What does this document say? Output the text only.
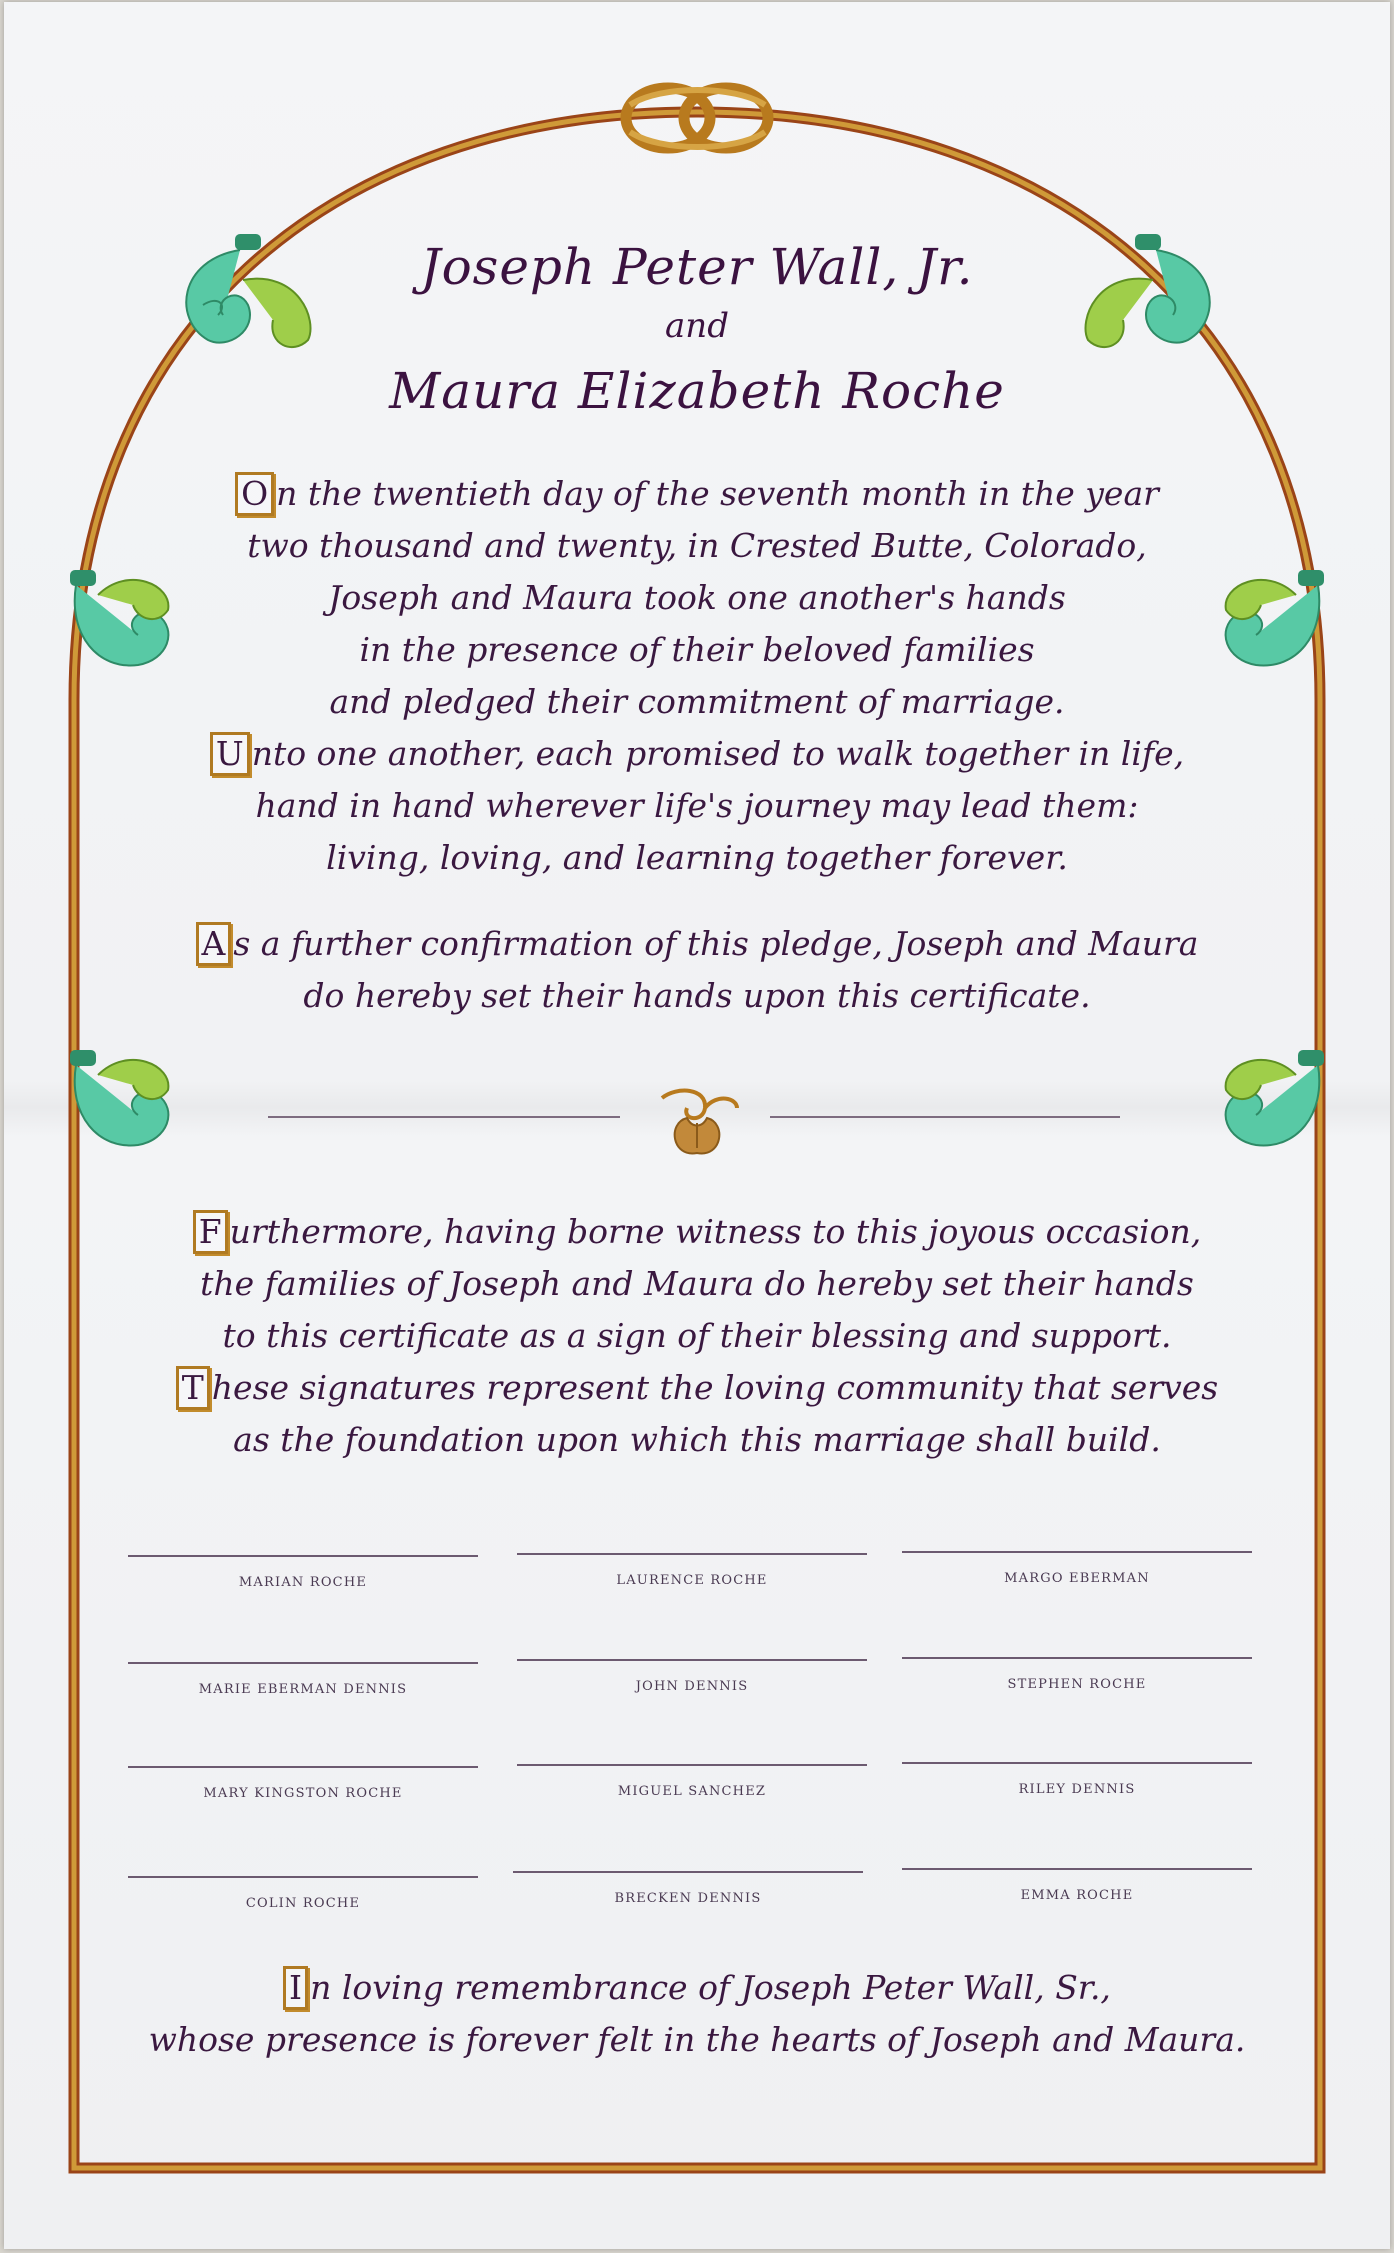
Joseph Peter Wall, Jr.
and
Maura Elizabeth Roche
O n the twentieth day of the seventh month in the year
two thousand and twenty, in Crested Butte, Colorado,
Joseph and Maura took one another's hands
in the presence of their beloved families
and pledged their commitment of marriage.
U nto one another, each promised to walk together in life,
hand in hand wherever life's journey may lead them:
living, loving, and learning together forever.
A s a further confirmation of this pledge, Joseph and Maura
do hereby set their hands upon this certificate.
F urthermore, having borne witness to this joyous occasion,
the families of Joseph and Maura do hereby set their hands
to this certificate as a sign of their blessing and support.
T hese signatures represent the loving community that serves
as the foundation upon which this marriage shall build.
MARIAN ROCHE	LAURENCE ROCHE	MARGO EBERMAN
MARIE EBERMAN DENNIS	JOHN DENNIS	STEPHEN ROCHE
MARY KINGSTON ROCHE	MIGUEL SANCHEZ	RILEY DENNIS
COLIN ROCHE	BRECKEN DENNIS	EMMA ROCHE
I n loving remembrance of Joseph Peter Wall, Sr.,
whose presence is forever felt in the hearts of Joseph and Maura.
